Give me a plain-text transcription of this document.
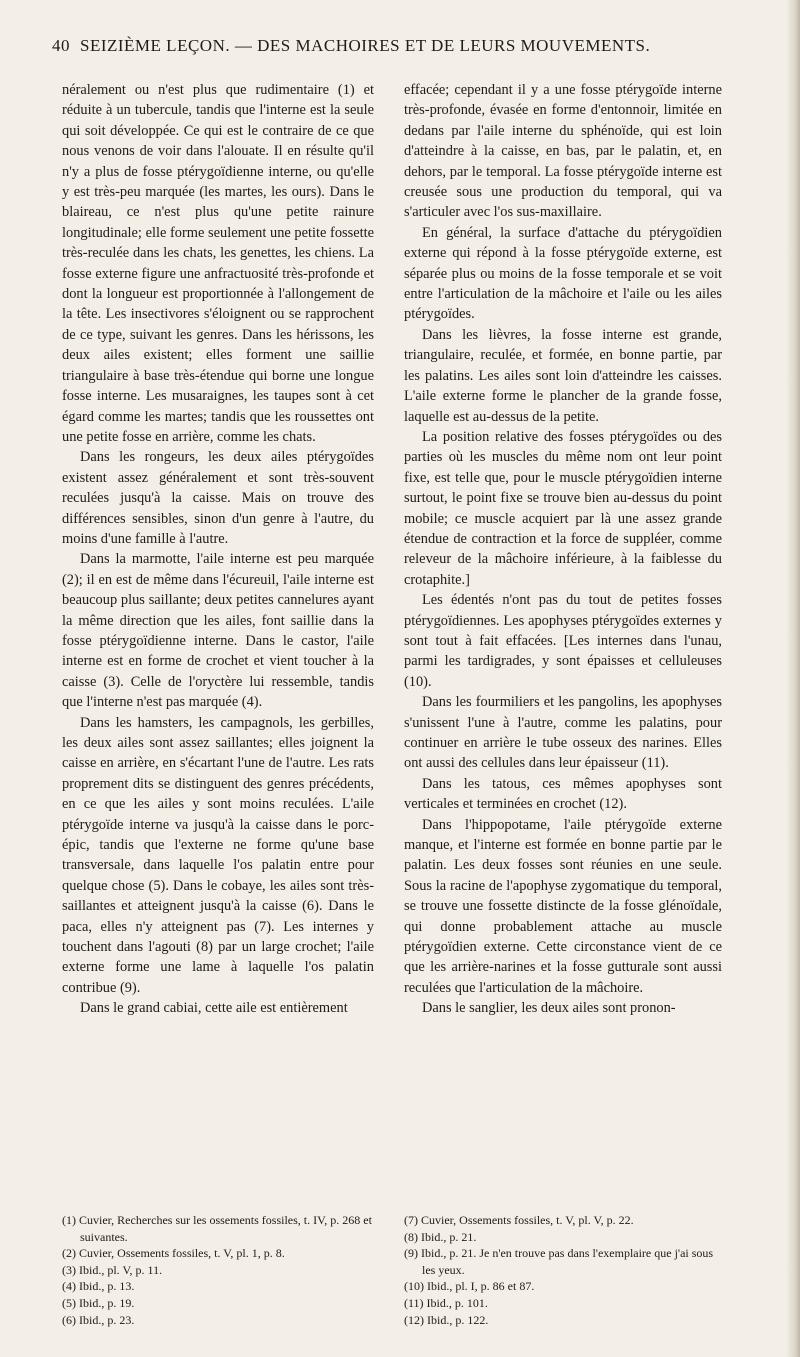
40 SEIZIÈME LEÇON. — DES MACHOIRES ET DE LEURS MOUVEMENTS.

néralement ou n'est plus que rudimentaire (1) et réduite à un tubercule, tandis que l'interne est la seule qui soit développée. Ce qui est le contraire de ce que nous venons de voir dans l'alouate. Il en résulte qu'il n'y a plus de fosse ptérygoïdienne interne, ou qu'elle y est très-peu marquée (les martes, les ours). Dans le blaireau, ce n'est plus qu'une petite rainure longitudinale; elle forme seulement une petite fossette très-reculée dans les chats, les genettes, les chiens. La fosse externe figure une anfractuosité très-profonde et dont la longueur est proportionnée à l'allongement de la tête. Les insectivores s'éloignent ou se rapprochent de ce type, suivant les genres. Dans les hérissons, les deux ailes existent; elles forment une saillie triangulaire à base très-étendue qui borne une longue fosse interne. Les musaraignes, les taupes sont à cet égard comme les martes; tandis que les roussettes ont une petite fosse en arrière, comme les chats.

Dans les rongeurs, les deux ailes ptérygoïdes existent assez généralement et sont très-souvent reculées jusqu'à la caisse. Mais on trouve des différences sensibles, sinon d'un genre à l'autre, du moins d'une famille à l'autre.

Dans la marmotte, l'aile interne est peu marquée (2); il en est de même dans l'écureuil, l'aile interne est beaucoup plus saillante; deux petites cannelures ayant la même direction que les ailes, font saillie dans la fosse ptérygoïdienne interne. Dans le castor, l'aile interne est en forme de crochet et vient toucher à la caisse (3). Celle de l'oryctère lui ressemble, tandis que l'interne n'est pas marquée (4).

Dans les hamsters, les campagnols, les gerbilles, les deux ailes sont assez saillantes; elles joignent la caisse en arrière, en s'écartant l'une de l'autre. Les rats proprement dits se distinguent des genres précédents, en ce que les ailes y sont moins reculées. L'aile ptérygoïde interne va jusqu'à la caisse dans le porc-épic, tandis que l'externe ne forme qu'une base transversale, dans laquelle l'os palatin entre pour quelque chose (5). Dans le cobaye, les ailes sont très-saillantes et atteignent jusqu'à la caisse (6). Dans le paca, elles n'y atteignent pas (7). Les internes y touchent dans l'agouti (8) par un large crochet; l'aile externe forme une lame à laquelle l'os palatin contribue (9).

Dans le grand cabiai, cette aile est entièrement

effacée; cependant il y a une fosse ptérygoïde interne très-profonde, évasée en forme d'entonnoir, limitée en dedans par l'aile interne du sphénoïde, qui est loin d'atteindre à la caisse, en bas, par le palatin, et, en dehors, par le temporal. La fosse ptérygoïde interne est creusée sous une production du temporal, qui va s'articuler avec l'os sus-maxillaire.

En général, la surface d'attache du ptérygoïdien externe qui répond à la fosse ptérygoïde externe, est séparée plus ou moins de la fosse temporale et se voit entre l'articulation de la mâchoire et l'aile ou les ailes ptérygoïdes.

Dans les lièvres, la fosse interne est grande, triangulaire, reculée, et formée, en bonne partie, par les palatins. Les ailes sont loin d'atteindre les caisses. L'aile externe forme le plancher de la grande fosse, laquelle est au-dessus de la petite.

La position relative des fosses ptérygoïdes ou des parties où les muscles du même nom ont leur point fixe, est telle que, pour le muscle ptérygoïdien interne surtout, le point fixe se trouve bien au-dessus du point mobile; ce muscle acquiert par là une assez grande étendue de contraction et la force de suppléer, comme releveur de la mâchoire inférieure, à la faiblesse du crotaphite.]

Les édentés n'ont pas du tout de petites fosses ptérygoïdiennes. Les apophyses ptérygoïdes externes y sont tout à fait effacées. [Les internes dans l'unau, parmi les tardigrades, y sont épaisses et celluleuses (10).

Dans les fourmiliers et les pangolins, les apophyses s'unissent l'une à l'autre, comme les palatins, pour continuer en arrière le tube osseux des narines. Elles ont aussi des cellules dans leur épaisseur (11).

Dans les tatous, ces mêmes apophyses sont verticales et terminées en crochet (12).

Dans l'hippopotame, l'aile ptérygoïde externe manque, et l'interne est formée en bonne partie par le palatin. Les deux fosses sont réunies en une seule. Sous la racine de l'apophyse zygomatique du temporal, se trouve une fossette distincte de la fosse glénoïdale, qui donne probablement attache au muscle ptérygoïdien externe. Cette circonstance vient de ce que les arrière-narines et la fosse gutturale sont aussi reculées que l'articulation de la mâchoire.

Dans le sanglier, les deux ailes sont pronon-

(1) Cuvier, Recherches sur les ossements fossiles, t. IV, p. 268 et suivantes.

(2) Cuvier, Ossements fossiles, t. V, pl. 1, p. 8.

(3) Ibid., pl. V, p. 11.

(4) Ibid., p. 13.

(5) Ibid., p. 19.

(6) Ibid., p. 23.

(7) Cuvier, Ossements fossiles, t. V, pl. V, p. 22.

(8) Ibid., p. 21.

(9) Ibid., p. 21. Je n'en trouve pas dans l'exemplaire que j'ai sous les yeux.

(10) Ibid., pl. I, p. 86 et 87.

(11) Ibid., p. 101.

(12) Ibid., p. 122.
